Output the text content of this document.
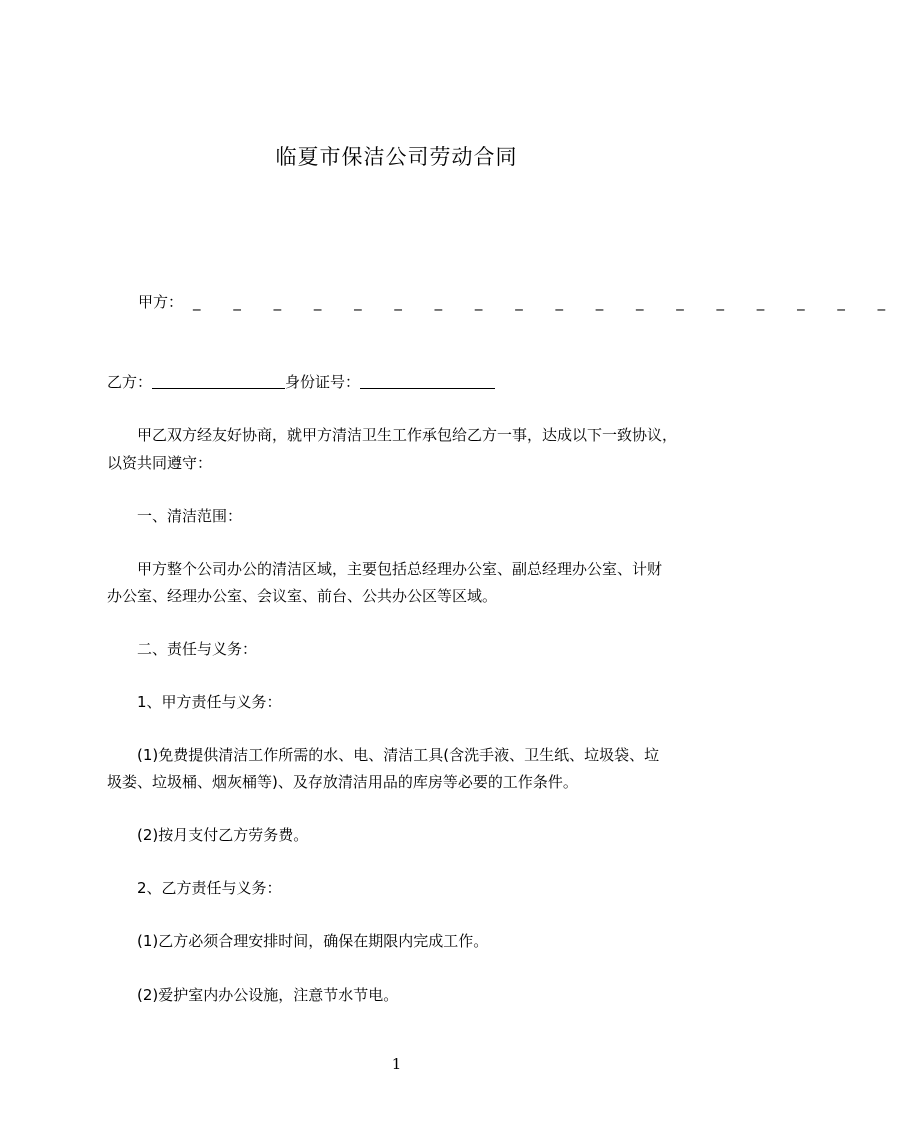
临夏市保洁公司劳动合同
甲 方 ： _ _ _ _ _ _ _ _ _ _ _ _ _ _ _ _ _ _
乙方：	身份证号：
甲乙双方经友好协商，就甲方清洁卫生工作承包给乙方一事，达成以下一致协议，
以资共同遵守：
一、清洁范围：
甲方整个公司办公的清洁区域，主要包括总经理办公室、副总经理办公室、计财
办公室、经理办公室、会议室、前台、公共办公区等区域。
二、责任与义务：
1、甲方责任与义务：
(1)免费提供清洁工作所需的水、电、清洁工具(含洗手液、卫生纸、垃圾袋、垃
圾娄、垃圾桶、烟灰桶等)、及存放清洁用品的库房等必要的工作条件。
(2)按月支付乙方劳务费。
2、乙方责任与义务：
(1)乙方必须合理安排时间，确保在期限内完成工作。
(2)爱护室内办公设施，注意节水节电。
1
